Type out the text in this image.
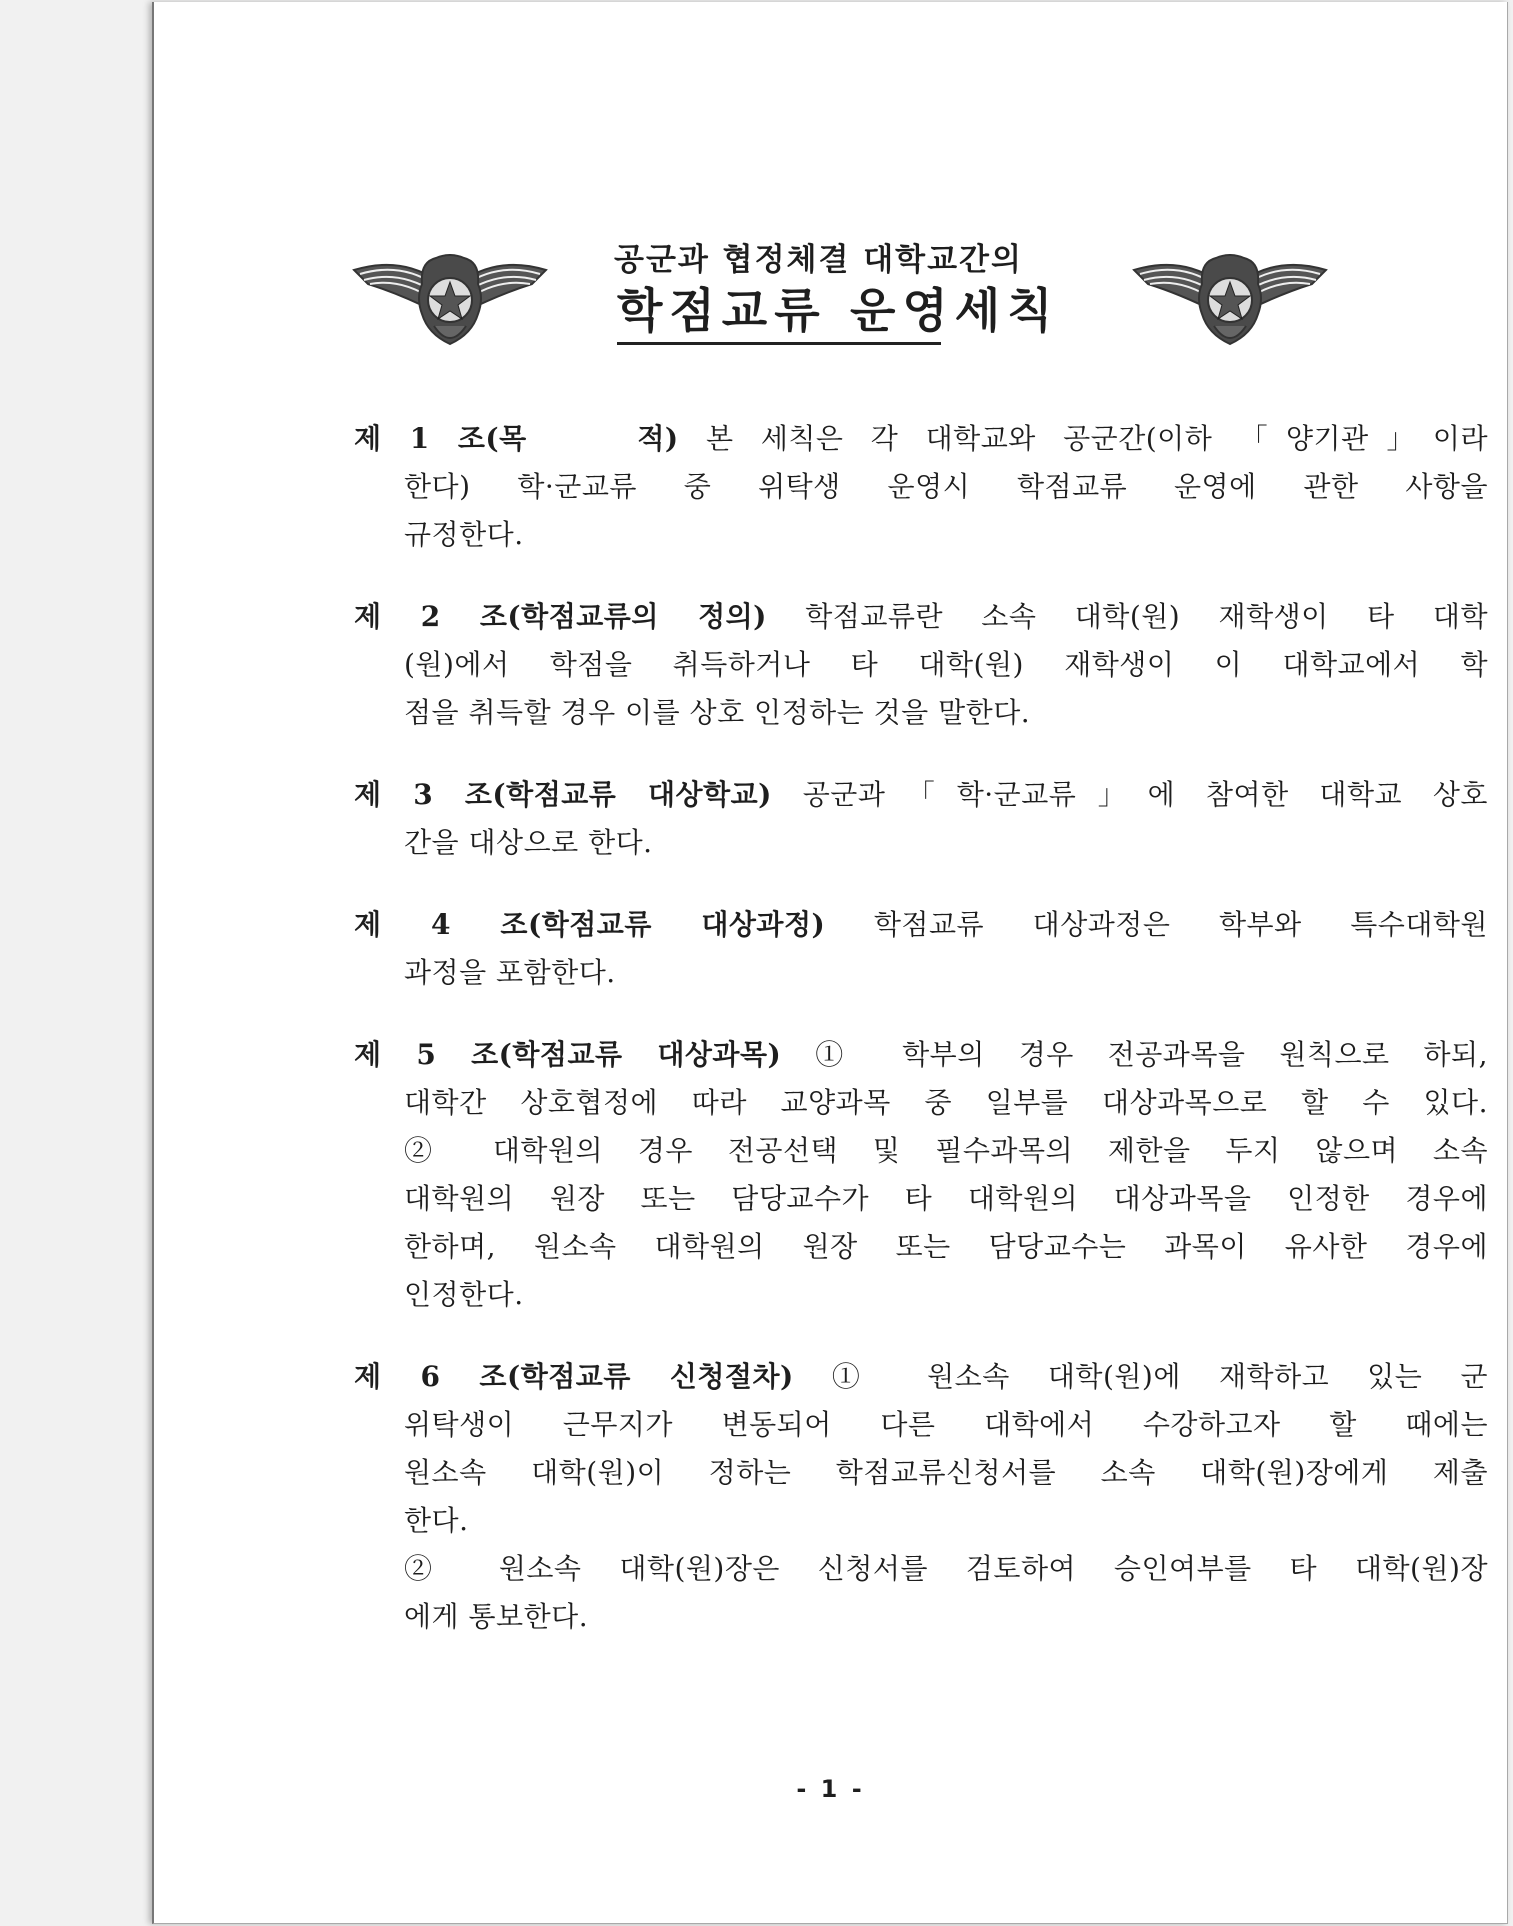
공군과 협정체결 대학교간의
학점교류 운영세칙
제 1 조(목　　적) 본 세칙은 각 대학교와 공군간(이하 「양기관」이라
한다) 학·군교류 중 위탁생 운영시 학점교류 운영에 관한 사항을
규정한다.
제 2 조(학점교류의 정의) 학점교류란 소속 대학(원) 재학생이 타 대학
(원)에서 학점을 취득하거나 타 대학(원) 재학생이 이 대학교에서 학
점을 취득할 경우 이를 상호 인정하는 것을 말한다.
제 3 조(학점교류 대상학교) 공군과「학·군교류」에 참여한 대학교 상호
간을 대상으로 한다.
제 4 조(학점교류 대상과정) 학점교류 대상과정은 학부와 특수대학원
과정을 포함한다.
제 5 조(학점교류 대상과목) ① 학부의 경우 전공과목을 원칙으로 하되,
대학간 상호협정에 따라 교양과목 중 일부를 대상과목으로 할 수 있다.
② 대학원의 경우 전공선택 및 필수과목의 제한을 두지 않으며 소속
대학원의 원장 또는 담당교수가 타 대학원의 대상과목을 인정한 경우에
한하며, 원소속 대학원의 원장 또는 담당교수는 과목이 유사한 경우에
인정한다.
제 6 조(학점교류 신청절차) ① 원소속 대학(원)에 재학하고 있는 군
위탁생이 근무지가 변동되어 다른 대학에서 수강하고자 할 때에는
원소속 대학(원)이 정하는 학점교류신청서를 소속 대학(원)장에게 제출
한다.
② 원소속 대학(원)장은 신청서를 검토하여 승인여부를 타 대학(원)장
에게 통보한다.
- 1 -
